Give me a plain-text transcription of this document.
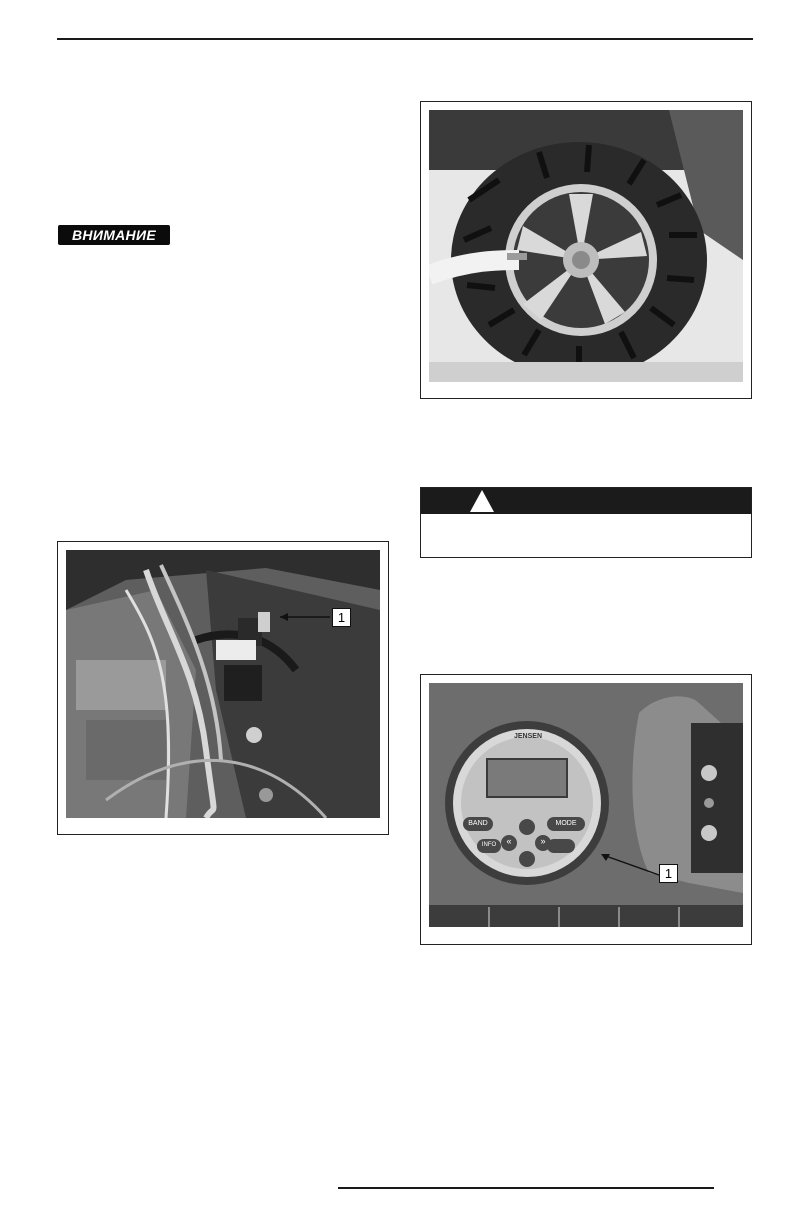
ВНИМАНИЕ
1
JENSEN
BAND	MODE
INFO	«	»
1
